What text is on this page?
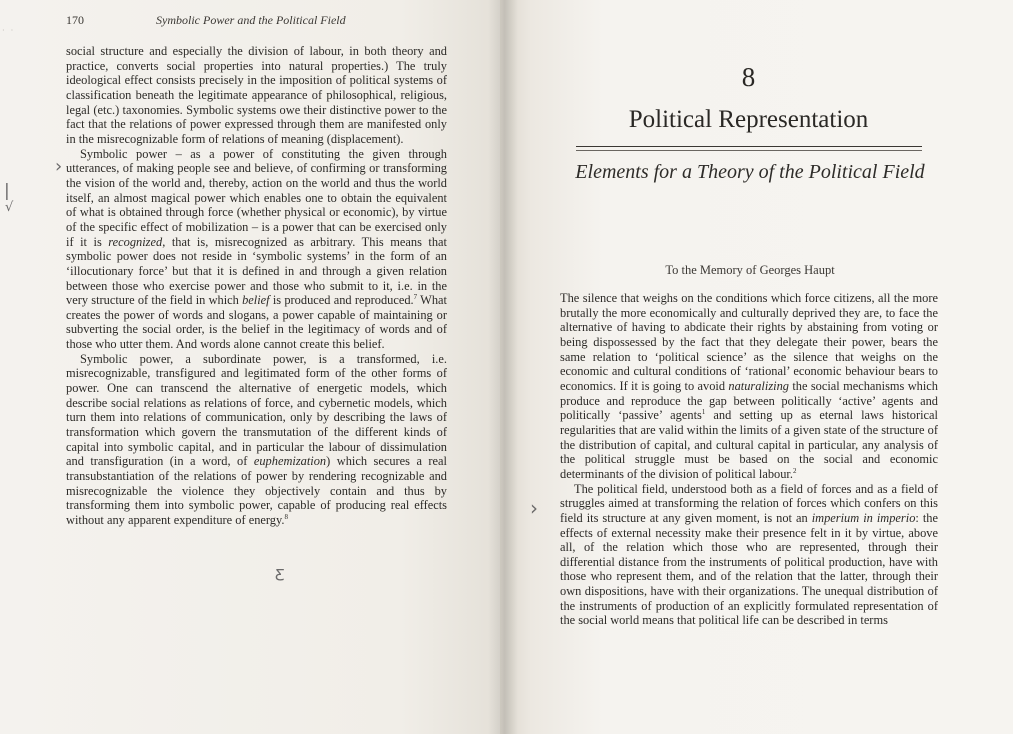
· ·
170	Symbolic Power and the Political Field

social structure and especially the division of labour, in both theory and practice, converts social properties into natural properties.) The truly ideological effect consists precisely in the imposition of political systems of classification beneath the legitimate appearance of philosophical, religious, legal (etc.) taxonomies. Symbolic systems owe their distinctive power to the fact that the relations of power expressed through them are manifested only in the misrecognizable form of relations of meaning (displacement).

Symbolic power – as a power of constituting the given through utterances, of making people see and believe, of confirming or transforming the vision of the world and, thereby, action on the world and thus the world itself, an almost magical power which enables one to obtain the equivalent of what is obtained through force (whether physical or economic), by virtue of the specific effect of mobilization – is a power that can be exercised only if it is recognized, that is, misrecognized as arbitrary. This means that symbolic power does not reside in ‘symbolic systems’ in the form of an ‘illocutionary force’ but that it is defined in and through a given relation between those who exercise power and those who submit to it, i.e. in the very structure of the field in which belief is produced and reproduced.$^7$ What creates the power of words and slogans, a power capable of maintaining or subverting the social order, is the belief in the legitimacy of words and of those who utter them. And words alone cannot create this belief.

Symbolic power, a subordinate power, is a transformed, i.e. misrecognizable, transfigured and legitimated form of the other forms of power. One can transcend the alternative of energetic models, which describe social relations as relations of force, and cybernetic models, which turn them into relations of communication, only by describing the laws of transformation which govern the transmutation of the different kinds of capital into symbolic capital, and in particular the labour of dissimulation and transfiguration (in a word, of euphemization) which secures a real transubstantiation of the relations of power by rendering recognizable and misrecognizable the violence they objectively contain and thus by transforming them into symbolic power, capable of producing real effects without any apparent expenditure of energy.$^8$

›
|
√
Ƹ
8
Political Representation
Elements for a Theory of the Political Field
To the Memory of Georges Haupt

The silence that weighs on the conditions which force citizens, all the more brutally the more economically and culturally deprived they are, to face the alternative of having to abdicate their rights by abstaining from voting or being dispossessed by the fact that they delegate their power, bears the same relation to ‘political science’ as the silence that weighs on the economic and cultural conditions of ‘rational’ economic behaviour bears to economics. If it is going to avoid naturalizing the social mechanisms which produce and reproduce the gap between politically ‘active’ agents and politically ‘passive’ agents$^1$ and setting up as eternal laws historical regularities that are valid within the limits of a given state of the structure of the distribution of capital, and cultural capital in particular, any analysis of the political struggle must be based on the social and economic determinants of the division of political labour.$^2$

The political field, understood both as a field of forces and as a field of struggles aimed at transforming the relation of forces which confers on this field its structure at any given moment, is not an imperium in imperio: the effects of external necessity make their presence felt in it by virtue, above all, of the relation which those who are represented, through their differential distance from the instruments of political production, have with those who represent them, and of the relation that the latter, through their own dispositions, have with their organizations. The unequal distribution of the instruments of production of an explicitly formulated representation of the social world means that political life can be described in terms

›
